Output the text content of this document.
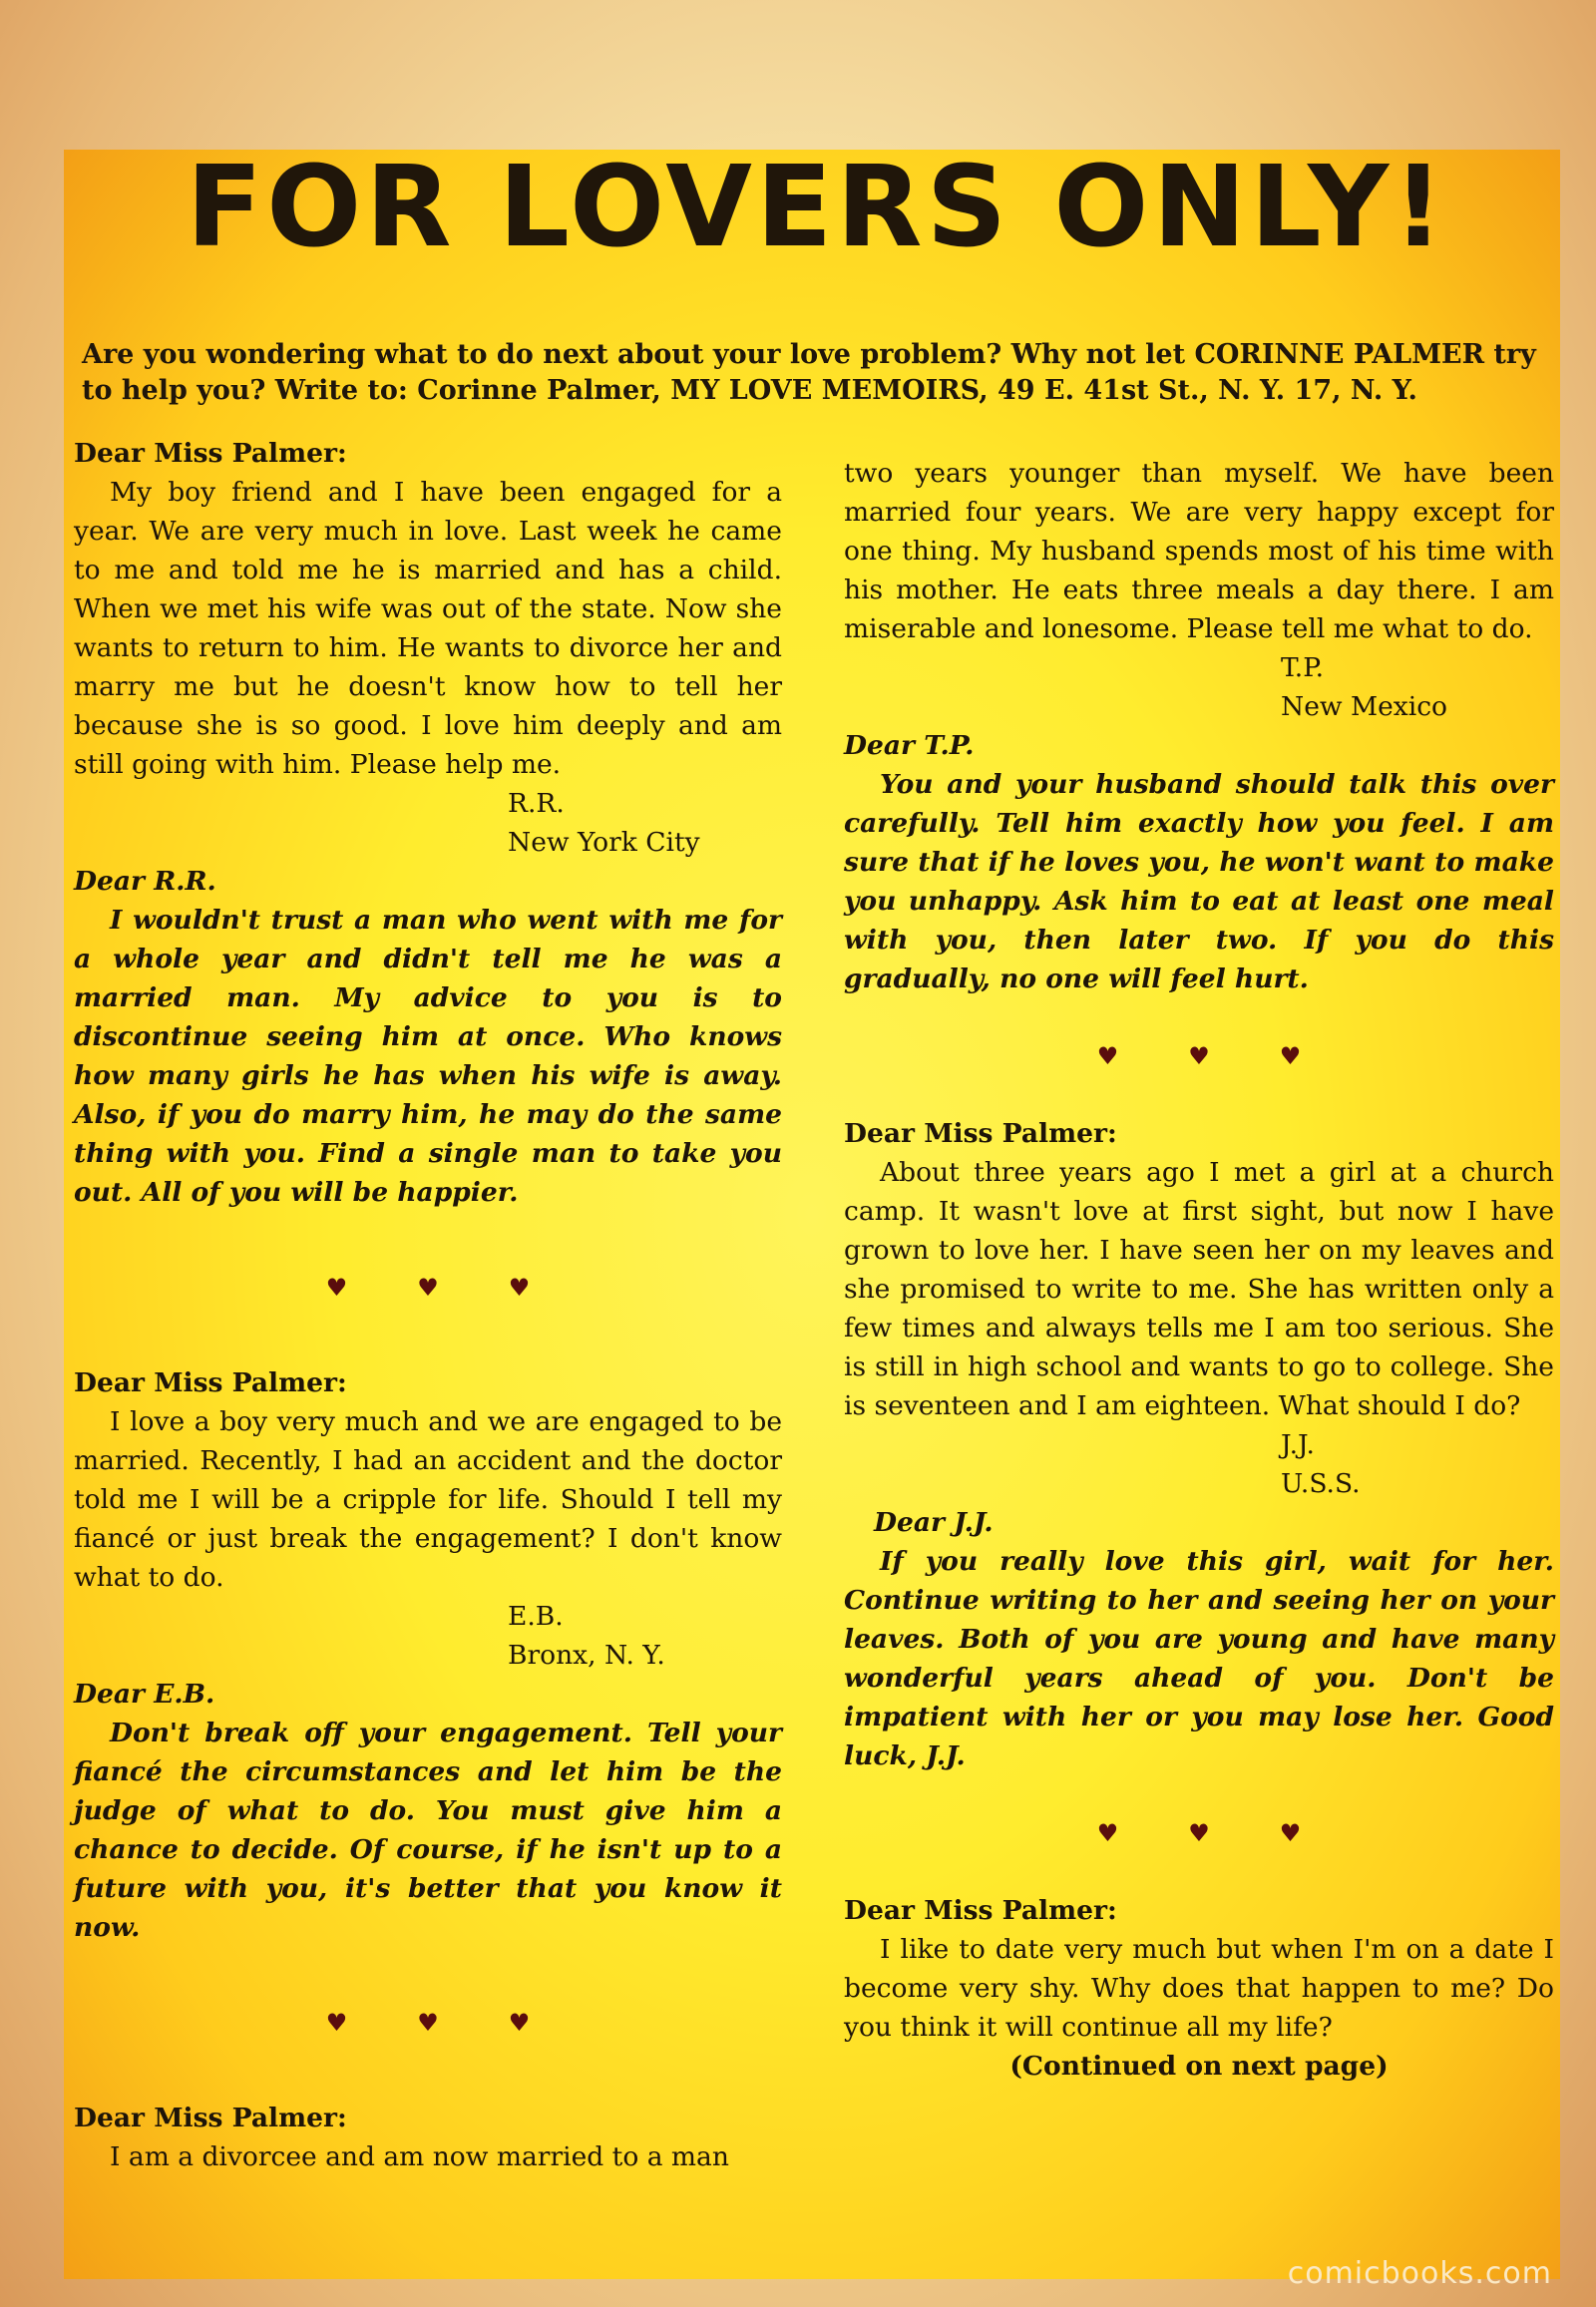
FOR LOVERS ONLY!

Are you wondering what to do next about your love problem? Why not let CORINNE PALMER try to help you? Write to: Corinne Palmer, MY LOVE MEMOIRS, 49 E. 41st St., N. Y. 17, N. Y.

Dear Miss Palmer:

My boy friend and I have been engaged for a year. We are very much in love. Last week he came to me and told me he is married and has a child. When we met his wife was out of the state. Now she wants to return to him. He wants to divorce her and marry me but he doesn't know how to tell her because she is so good. I love him deeply and am still going with him. Please help me.

R.R.

New York City

Dear R.R.

I wouldn't trust a man who went with me for a whole year and didn't tell me he was a married man. My advice to you is to discontinue seeing him at once. Who knows how many girls he has when his wife is away. Also, if you do marry him, he may do the same thing with you. Find a single man to take you out. All of you will be happier.

♥	♥	♥

Dear Miss Palmer:

I love a boy very much and we are engaged to be married. Recently, I had an accident and the doctor told me I will be a cripple for life. Should I tell my fiancé or just break the engagement? I don't know what to do.

E.B.

Bronx, N. Y.

Dear E.B.

Don't break off your engagement. Tell your fiancé the circumstances and let him be the judge of what to do. You must give him a chance to decide. Of course, if he isn't up to a future with you, it's better that you know it now.

♥	♥	♥

Dear Miss Palmer:

I am a divorcee and am now married to a man

two years younger than myself. We have been married four years. We are very happy except for one thing. My husband spends most of his time with his mother. He eats three meals a day there. I am miserable and lonesome. Please tell me what to do.

T.P.

New Mexico

Dear T.P.

You and your husband should talk this over carefully. Tell him exactly how you feel. I am sure that if he loves you, he won't want to make you unhappy. Ask him to eat at least one meal with you, then later two. If you do this gradually, no one will feel hurt.

♥	♥	♥

Dear Miss Palmer:

About three years ago I met a girl at a church camp. It wasn't love at first sight, but now I have grown to love her. I have seen her on my leaves and she promised to write to me. She has written only a few times and always tells me I am too serious. She is still in high school and wants to go to college. She is seventeen and I am eighteen. What should I do?

J.J.

U.S.S.

Dear J.J.

If you really love this girl, wait for her. Continue writing to her and seeing her on your leaves. Both of you are young and have many wonderful years ahead of you. Don't be impatient with her or you may lose her. Good luck, J.J.

♥	♥	♥

Dear Miss Palmer:

I like to date very much but when I'm on a date I become very shy. Why does that happen to me? Do you think it will continue all my life?

(Continued on next page)

comicbooks.com
